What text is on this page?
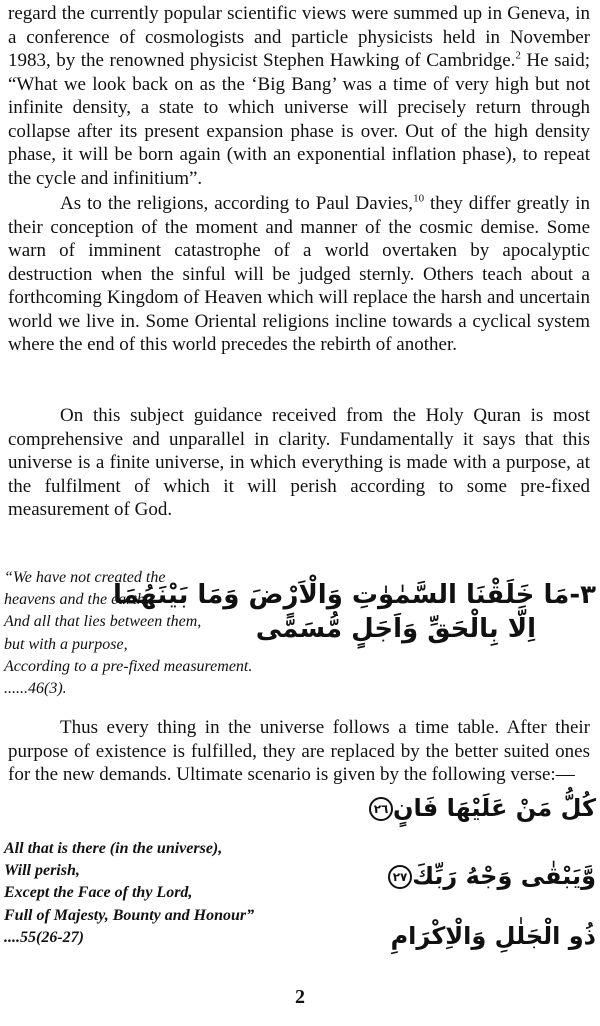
regard the currently popular scientific views were summed up in Geneva, in a conference of cosmologists and particle physicists held in November 1983, by the renowned physicist Stephen Hawking of Cambridge.$^2$ He said; “What we look back on as the ‘Big Bang’ was a time of very high but not infinite density, a state to which universe will precisely return through collapse after its present expansion phase is over. Out of the high density phase, it will be born again (with an exponential inflation phase), to repeat the cycle and infinitium”.

As to the religions, according to Paul Davies,$^{10}$ they differ greatly in their conception of the moment and manner of the cosmic demise. Some warn of imminent catastrophe of a world overtaken by apocalyptic destruction when the sinful will be judged sternly. Others teach about a forthcoming Kingdom of Heaven which will replace the harsh and uncertain world we live in. Some Oriental religions incline towards a cyclical system where the end of this world precedes the rebirth of another.

On this subject guidance received from the Holy Quran is most comprehensive and unparallel in clarity. Fundamentally it says that this universe is a finite universe, in which everything is made with a purpose, at the fulfilment of which it will perish according to some pre-fixed measurement of God.

“We have not created the
heavens and the earth,
And all that lies between them,
but with a purpose,
According to a pre-fixed measurement.
......46(3).
۳-مَا خَلَقْنَا السَّمٰوٰتِ وَالْاَرْضَ وَمَا بَيْنَهُمَا
اِلَّا بِالْحَقِّ وَاَجَلٍ مُّسَمًّى

Thus every thing in the universe follows a time table. After their purpose of existence is fulfilled, they are replaced by the better suited ones for the new demands. Ultimate scenario is given by the following verse:—

كُلُّ مَنْ عَلَيْهَا فَانٍ٢٦
وَّيَبْقٰى وَجْهُ رَبِّكَ٢٧
ذُو الْجَلٰلِ وَالْاِكْرَامِ
All that is there (in the universe),
Will perish,
Except the Face of thy Lord,
Full of Majesty, Bounty and Honour”
....55(26-27)
2
